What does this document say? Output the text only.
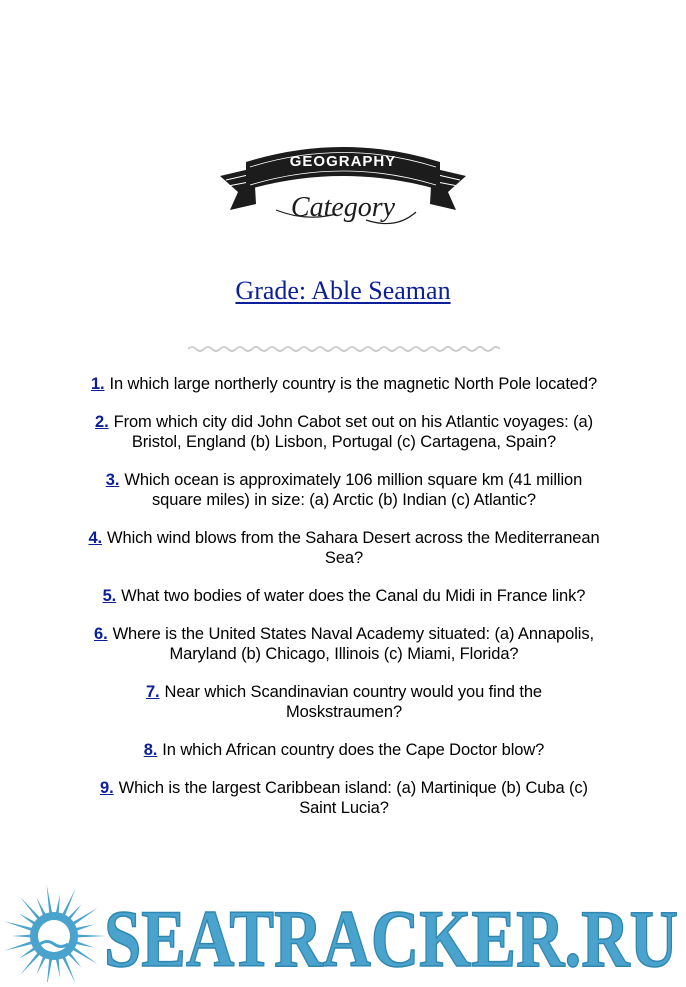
GEOGRAPHY
Category
Grade: Able Seaman
1. In which large northerly country is the magnetic North Pole located?
2. From which city did John Cabot set out on his Atlantic voyages: (a) Bristol, England (b) Lisbon, Portugal (c) Cartagena, Spain?
3. Which ocean is approximately 106 million square km (41 million square miles) in size: (a) Arctic (b) Indian (c) Atlantic?
4. Which wind blows from the Sahara Desert across the Mediterranean Sea?
5. What two bodies of water does the Canal du Midi in France link?
6. Where is the United States Naval Academy situated: (a) Annapolis, Maryland (b) Chicago, Illinois (c) Miami, Florida?
7. Near which Scandinavian country would you find the Moskstraumen?
8. In which African country does the Cape Doctor blow?
9. Which is the largest Caribbean island: (a) Martinique (b) Cuba (c) Saint Lucia?
SEATRACKER.RU
